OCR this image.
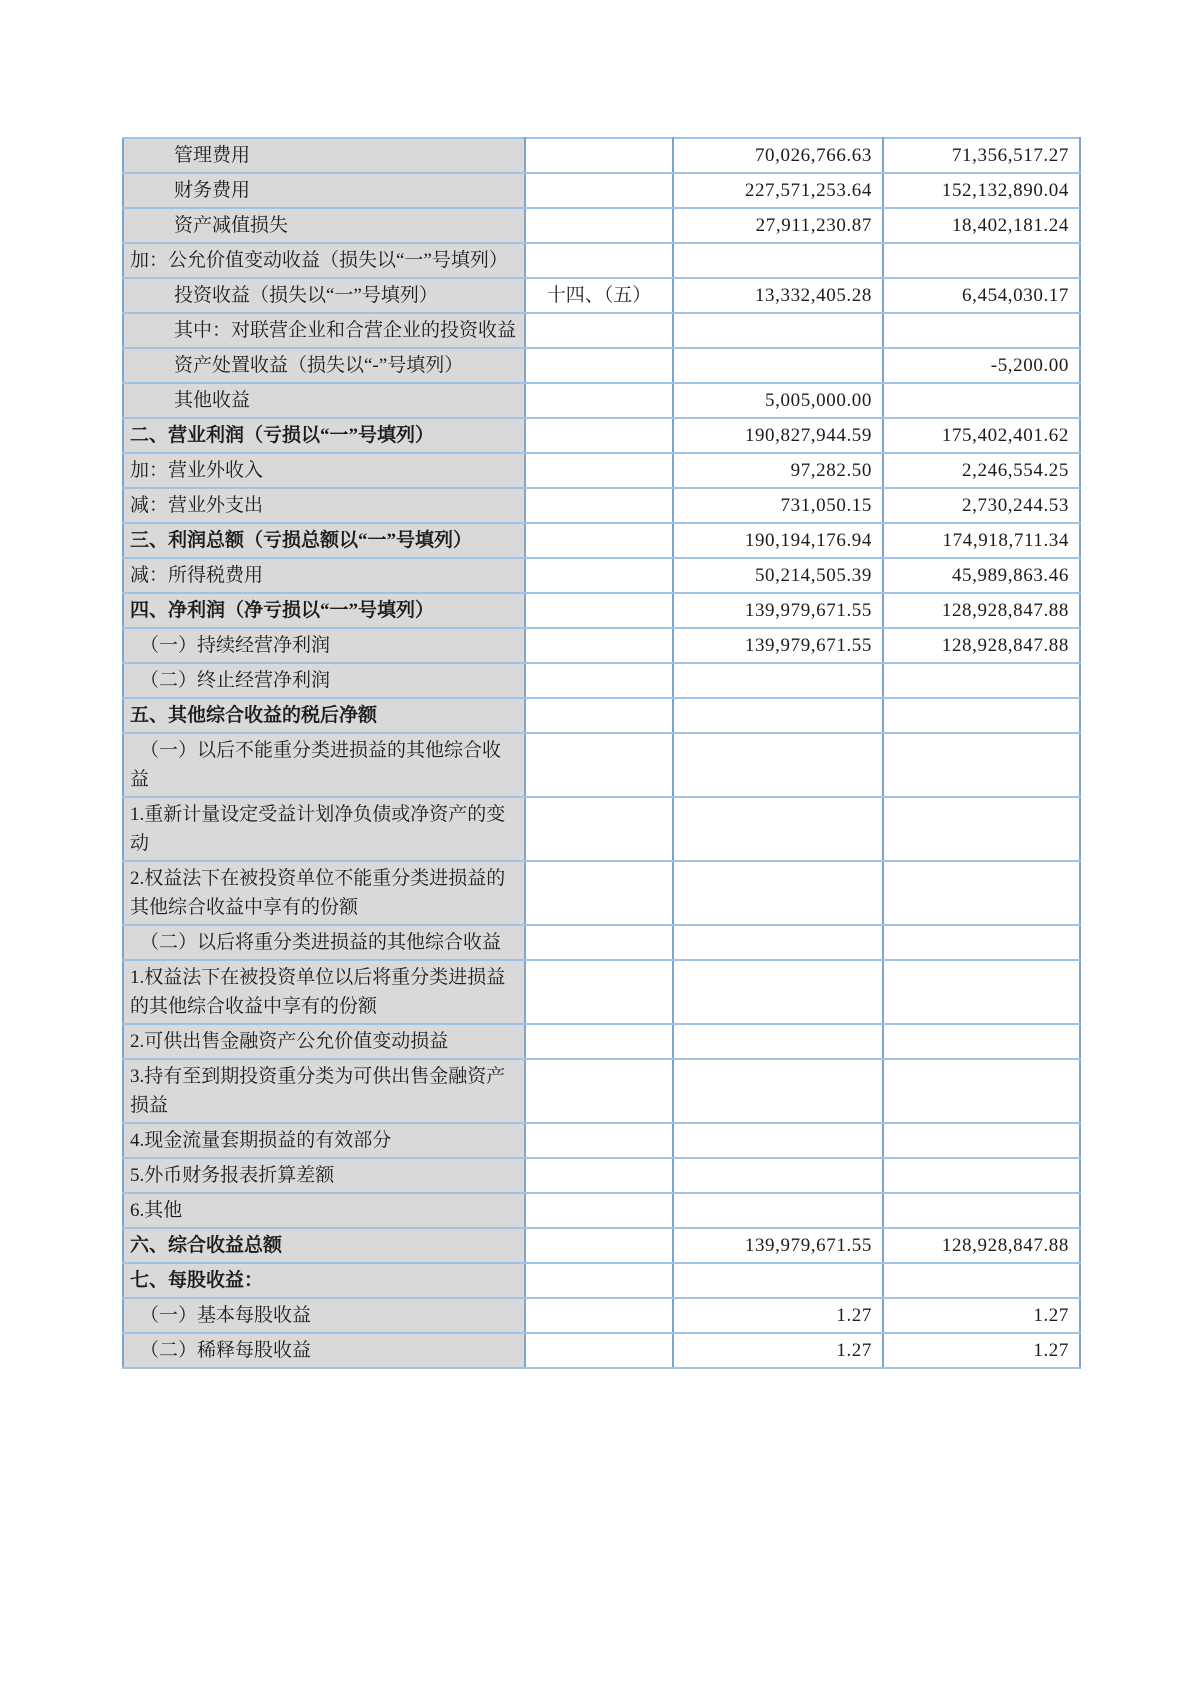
管理费用		70,026,766.63	71,356,517.27
财务费用		227,571,253.64	152,132,890.04
资产减值损失		27,911,230.87	18,402,181.24
加：公允价值变动收益（损失以“一”号填列）			
投资收益（损失以“一”号填列）	十四、（五）	13,332,405.28	6,454,030.17
其中：对联营企业和合营企业的投资收益			
资产处置收益（损失以“-”号填列）			-5,200.00
其他收益		5,005,000.00	
二、营业利润（亏损以“一”号填列）		190,827,944.59	175,402,401.62
加：营业外收入		97,282.50	2,246,554.25
减：营业外支出		731,050.15	2,730,244.53
三、利润总额（亏损总额以“一”号填列）		190,194,176.94	174,918,711.34
减：所得税费用		50,214,505.39	45,989,863.46
四、净利润（净亏损以“一”号填列）		139,979,671.55	128,928,847.88
（一）持续经营净利润		139,979,671.55	128,928,847.88
（二）终止经营净利润			
五、其他综合收益的税后净额			
（一）以后不能重分类进损益的其他综合收益			
1.重新计量设定受益计划净负债或净资产的变动			
2.权益法下在被投资单位不能重分类进损益的其他综合收益中享有的份额			
（二）以后将重分类进损益的其他综合收益			
1.权益法下在被投资单位以后将重分类进损益的其他综合收益中享有的份额			
2.可供出售金融资产公允价值变动损益			
3.持有至到期投资重分类为可供出售金融资产损益			
4.现金流量套期损益的有效部分			
5.外币财务报表折算差额			
6.其他			
六、综合收益总额		139,979,671.55	128,928,847.88
七、每股收益：			
（一）基本每股收益		1.27	1.27
（二）稀释每股收益		1.27	1.27
